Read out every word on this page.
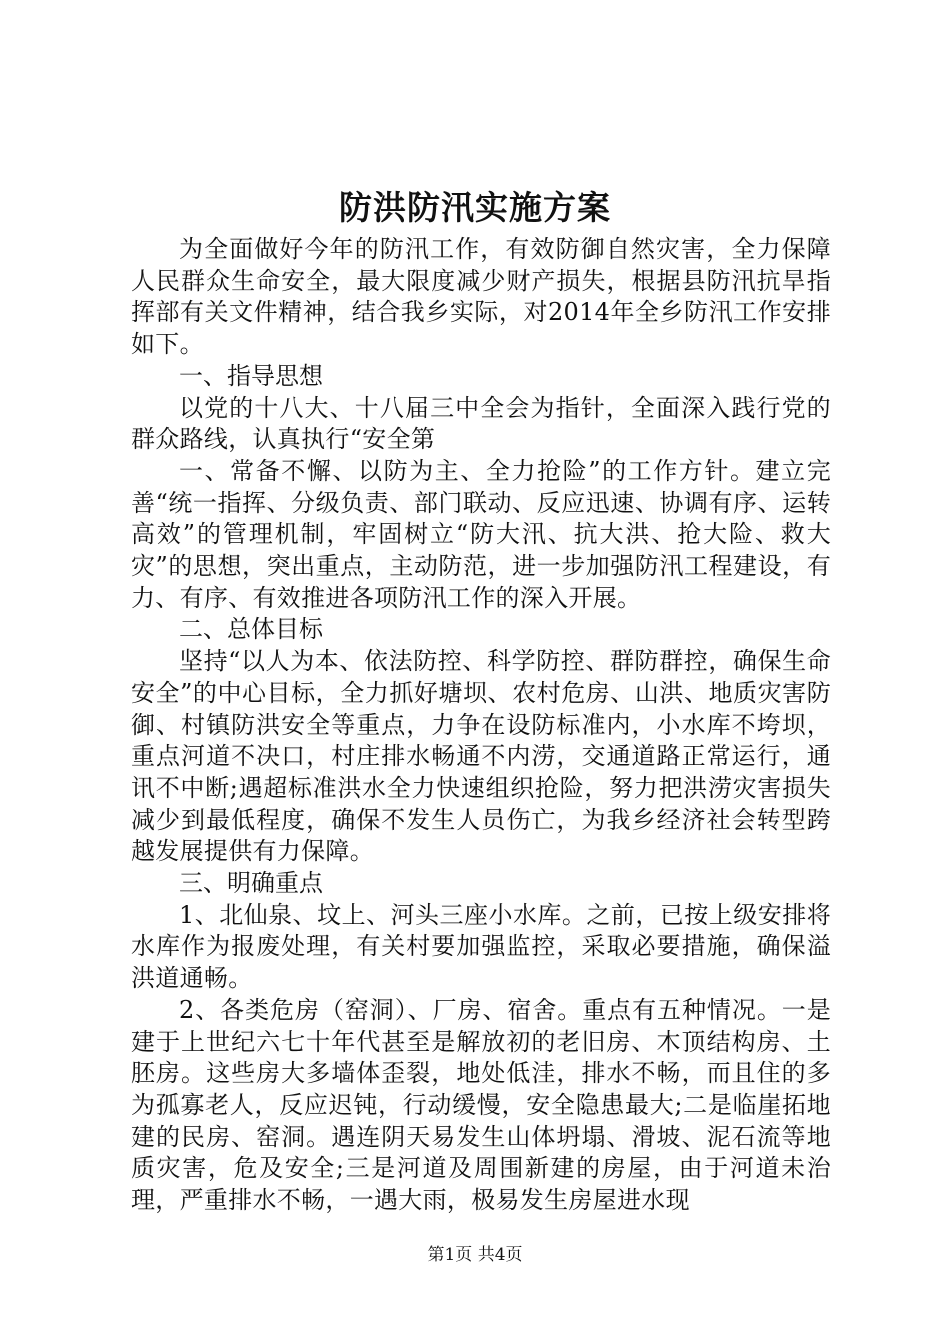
防洪防汛实施方案

为全面做好今年的防汛工作，有效防御自然灾害，全力保障人民群众生命安全，最大限度减少财产损失，根据县防汛抗旱指挥部有关文件精神，结合我乡实际，对2014年全乡防汛工作安排如下。

一、指导思想

以党的十八大、十八届三中全会为指针，全面深入践行党的群众路线，认真执行“安全第

一、常备不懈、以防为主、全力抢险”的工作方针。建立完善“统一指挥、分级负责、部门联动、反应迅速、协调有序、运转高效”的管理机制，牢固树立“防大汛、抗大洪、抢大险、救大灾”的思想，突出重点，主动防范，进一步加强防汛工程建设，有力、有序、有效推进各项防汛工作的深入开展。

二、总体目标

坚持“以人为本、依法防控、科学防控、群防群控，确保生命安全”的中心目标，全力抓好塘坝、农村危房、山洪、地质灾害防御、村镇防洪安全等重点，力争在设防标准内，小水库不垮坝，重点河道不决口，村庄排水畅通不内涝，交通道路正常运行，通讯不中断;遇超标准洪水全力快速组织抢险，努力把洪涝灾害损失减少到最低程度，确保不发生人员伤亡，为我乡经济社会转型跨越发展提供有力保障。

三、明确重点

1、北仙泉、坟上、河头三座小水库。之前，已按上级安排将水库作为报废处理，有关村要加强监控，采取必要措施，确保溢洪道通畅。

2、各类危房（窑洞）、厂房、宿舍。重点有五种情况。一是建于上世纪六七十年代甚至是解放初的老旧房、木顶结构房、土胚房。这些房大多墙体歪裂，地处低洼，排水不畅，而且住的多为孤寡老人，反应迟钝，行动缓慢，安全隐患最大;二是临崖拓地建的民房、窑洞。遇连阴天易发生山体坍塌、滑坡、泥石流等地质灾害，危及安全;三是河道及周围新建的房屋，由于河道未治理，严重排水不畅，一遇大雨，极易发生房屋进水现

第1页 共4页
